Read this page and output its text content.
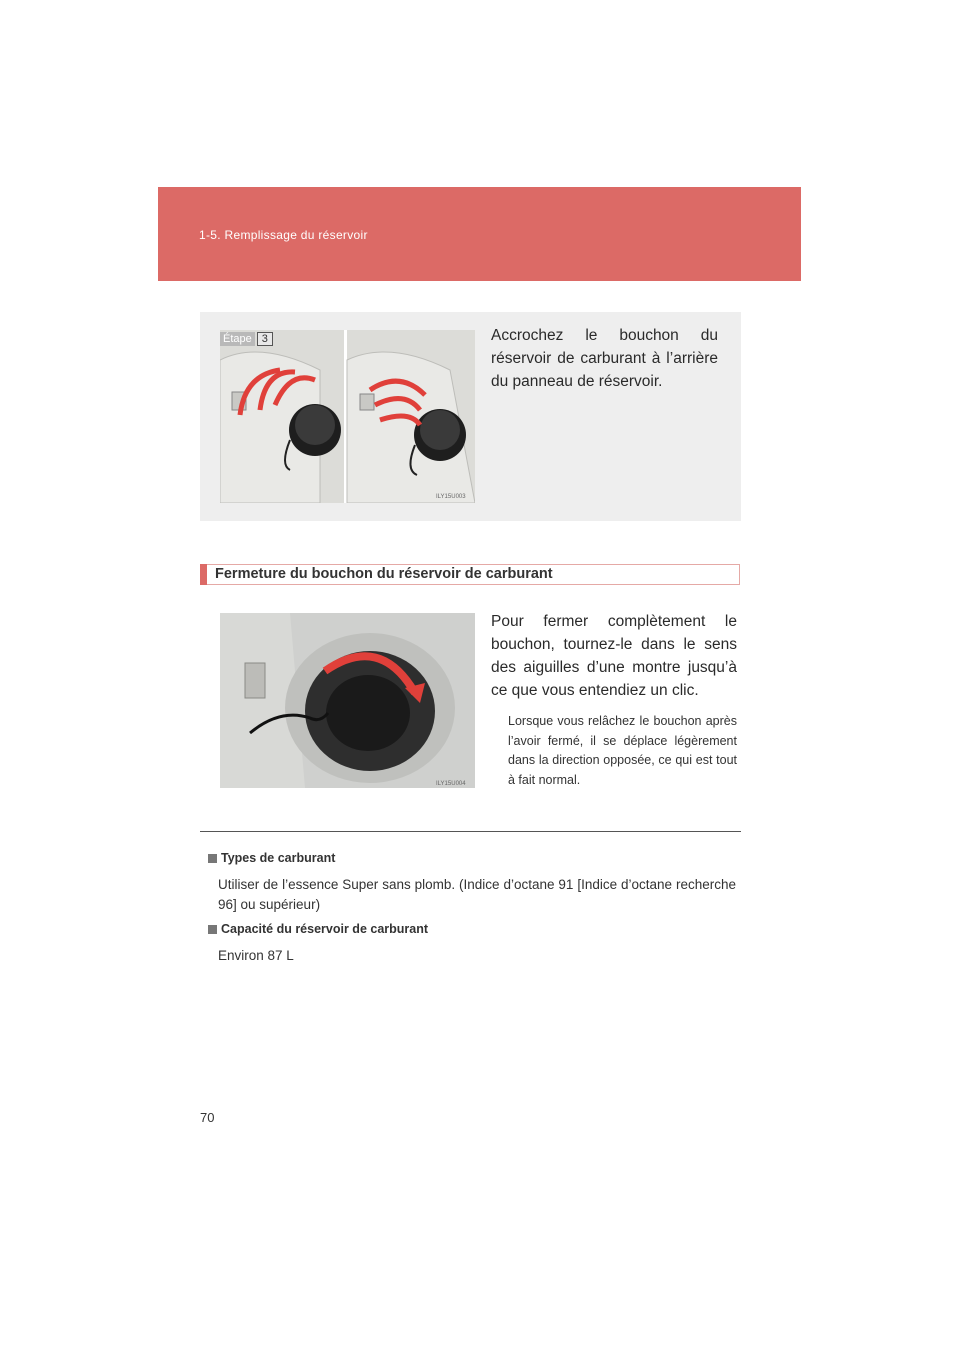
1-5. Remplissage du réservoir
Étape 3
ILY15U003
Accrochez le bouchon du réservoir de carburant à l’arrière du panneau de réservoir.
Fermeture du bouchon du réservoir de carburant
ILY15U004
Pour fermer complètement le bouchon, tournez-le dans le sens des aiguilles d’une montre jusqu’à ce que vous entendiez un clic.
Lorsque vous relâchez le bouchon après l’avoir fermé, il se déplace légèrement dans la direction opposée, ce qui est tout à fait normal.
Types de carburant
Utiliser de l’essence Super sans plomb. (Indice d’octane 91 [Indice d’octane recherche 96] ou supérieur)
Capacité du réservoir de carburant
Environ 87 L
70
